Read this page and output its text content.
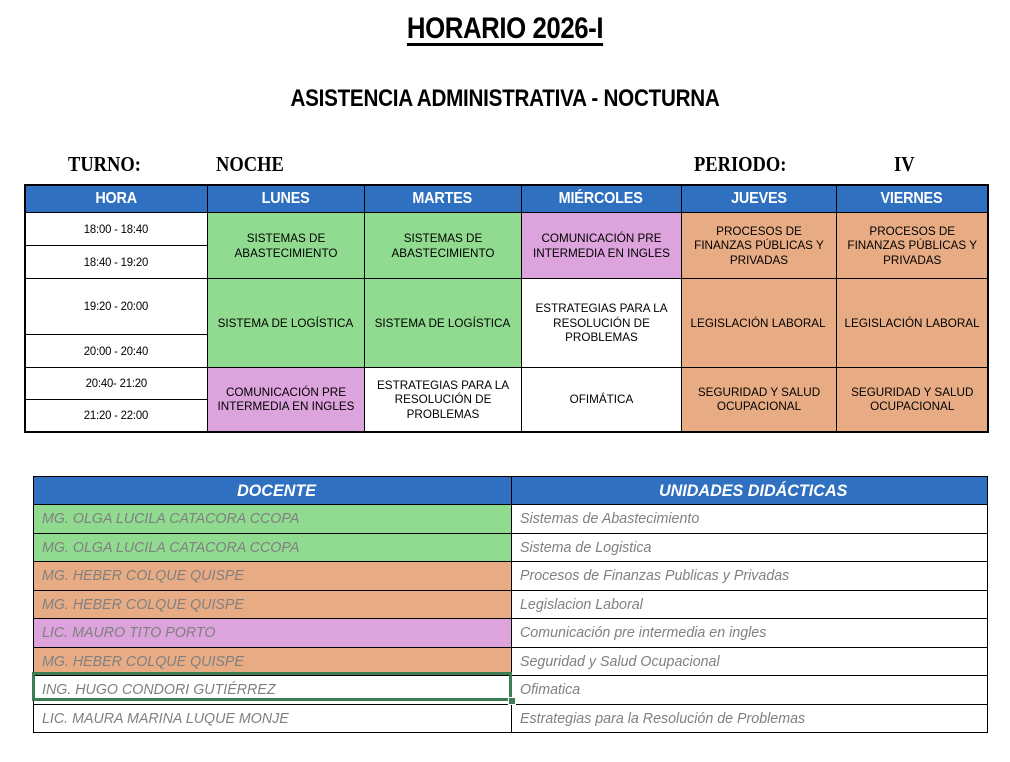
HORARIO 2026-I
ASISTENCIA ADMINISTRATIVA - NOCTURNA
TURNO:	NOCHE	PERIODO:	IV
HORA	LUNES	MARTES	MIÉRCOLES	JUEVES	VIERNES
18:00 - 18:40	SISTEMAS DE ABASTECIMIENTO	SISTEMAS DE ABASTECIMIENTO	COMUNICACIÓN PRE INTERMEDIA EN INGLES	PROCESOS DE FINANZAS PÚBLICAS Y PRIVADAS	PROCESOS DE FINANZAS PÚBLICAS Y PRIVADAS
18:40 - 19:20					
19:20 - 20:00	SISTEMA DE LOGÍSTICA	SISTEMA DE LOGÍSTICA	ESTRATEGIAS PARA LA RESOLUCIÓN DE PROBLEMAS	LEGISLACIÓN LABORAL	LEGISLACIÓN LABORAL
20:00 - 20:40					
20:40- 21:20	COMUNICACIÓN PRE INTERMEDIA EN INGLES	ESTRATEGIAS PARA LA RESOLUCIÓN DE PROBLEMAS	OFIMÁTICA	SEGURIDAD Y SALUD OCUPACIONAL	SEGURIDAD Y SALUD OCUPACIONAL
21:20 - 22:00					
DOCENTE	UNIDADES DIDÁCTICAS
MG. OLGA LUCILA CATACORA CCOPA	Sistemas de Abastecimiento
MG. OLGA LUCILA CATACORA CCOPA	Sistema de Logistica
MG. HEBER COLQUE QUISPE	Procesos de Finanzas Publicas y Privadas
MG. HEBER COLQUE QUISPE	Legislacion Laboral
LIC. MAURO TITO PORTO	Comunicación pre intermedia en ingles
MG. HEBER COLQUE QUISPE	Seguridad y Salud Ocupacional
ING. HUGO CONDORI GUTIÉRREZ	Ofimatica
LIC. MAURA MARINA LUQUE MONJE	Estrategias para la Resolución de Problemas
